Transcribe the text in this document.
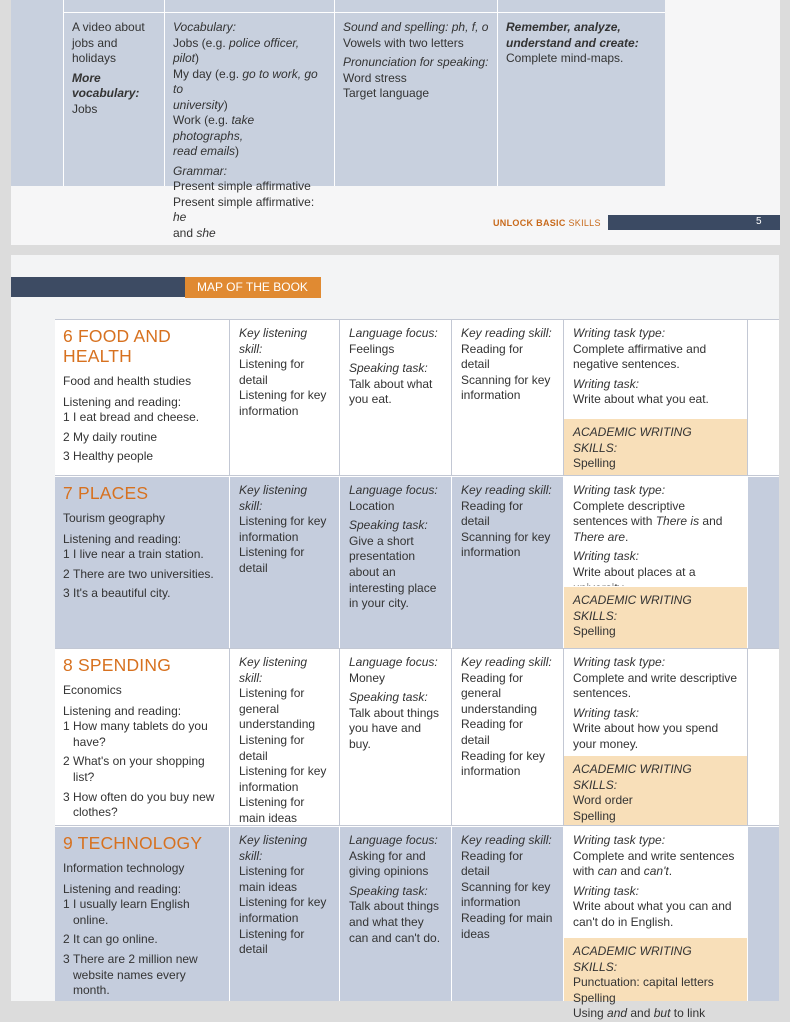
A video about
jobs and
holidays
More
vocabulary:
Jobs
Vocabulary:
Jobs (e.g. police officer, pilot)
My day (e.g. go to work, go to
university)
Work (e.g. take photographs,
read emails)
Grammar:
Present simple affirmative
Present simple affirmative: he
and she
Sound and spelling: ph, f, o
Vowels with two letters
Pronunciation for speaking:
Word stress
Target language
Remember, analyze,
understand and create:
Complete mind-maps.
UNLOCK BASIC SKILLS	5
MAP OF THE BOOK
6 FOOD AND HEALTH
Food and health studies
Listening and reading:
1 I eat bread and cheese.
2 My daily routine
3 Healthy people
Key listening skill:
Listening for detail
Listening for key information
Language focus:
Feelings
Speaking task:
Talk about what you eat.
Key reading skill:
Reading for detail
Scanning for key information
Writing task type:
Complete affirmative and negative sentences.
Writing task:
Write about what you eat.
ACADEMIC WRITING SKILLS:
Spelling
7 PLACES
Tourism geography
Listening and reading:
1 I live near a train station.
2 There are two universities.
3 It's a beautiful city.
Key listening skill:
Listening for key information
Listening for detail
Language focus:
Location
Speaking task:
Give a short presentation about an interesting place in your city.
Key reading skill:
Reading for detail
Scanning for key information
Writing task type:
Complete descriptive sentences with There is and There are.
Writing task:
Write about places at a
ACADEMIC WRITING SKILLS:
Spelling
8 SPENDING
Economics
Listening and reading:
1 How many tablets do you have?
2 What's on your shopping list?
3 How often do you buy new clothes?
Key listening skill:
Listening for general understanding
Listening for detail
Listening for key information
Listening for main ideas
Language focus:
Money
Speaking task:
Talk about things you have and buy.
Key reading skill:
Reading for general understanding
Reading for detail
Reading for key information
Writing task type:
Complete and write descriptive sentences.
Writing task:
Write about how you spend your money.
ACADEMIC WRITING SKILLS:
Word order
Spelling
9 TECHNOLOGY
Information technology
Listening and reading:
1 I usually learn English online.
2 It can go online.
3 There are 2 million new website names every month.
Key listening skill:
Listening for main ideas
Listening for key information
Listening for detail
Language focus:
Asking for and giving opinions
Speaking task:
Talk about things and what they can and can't do.
Key reading skill:
Reading for detail
Scanning for key information
Reading for main ideas
Writing task type:
Complete and write sentences with can and can't.
Writing task:
Write about what you can and can't do in English.
ACADEMIC WRITING SKILLS:
Punctuation: capital letters
Spelling
Using and and but to link
